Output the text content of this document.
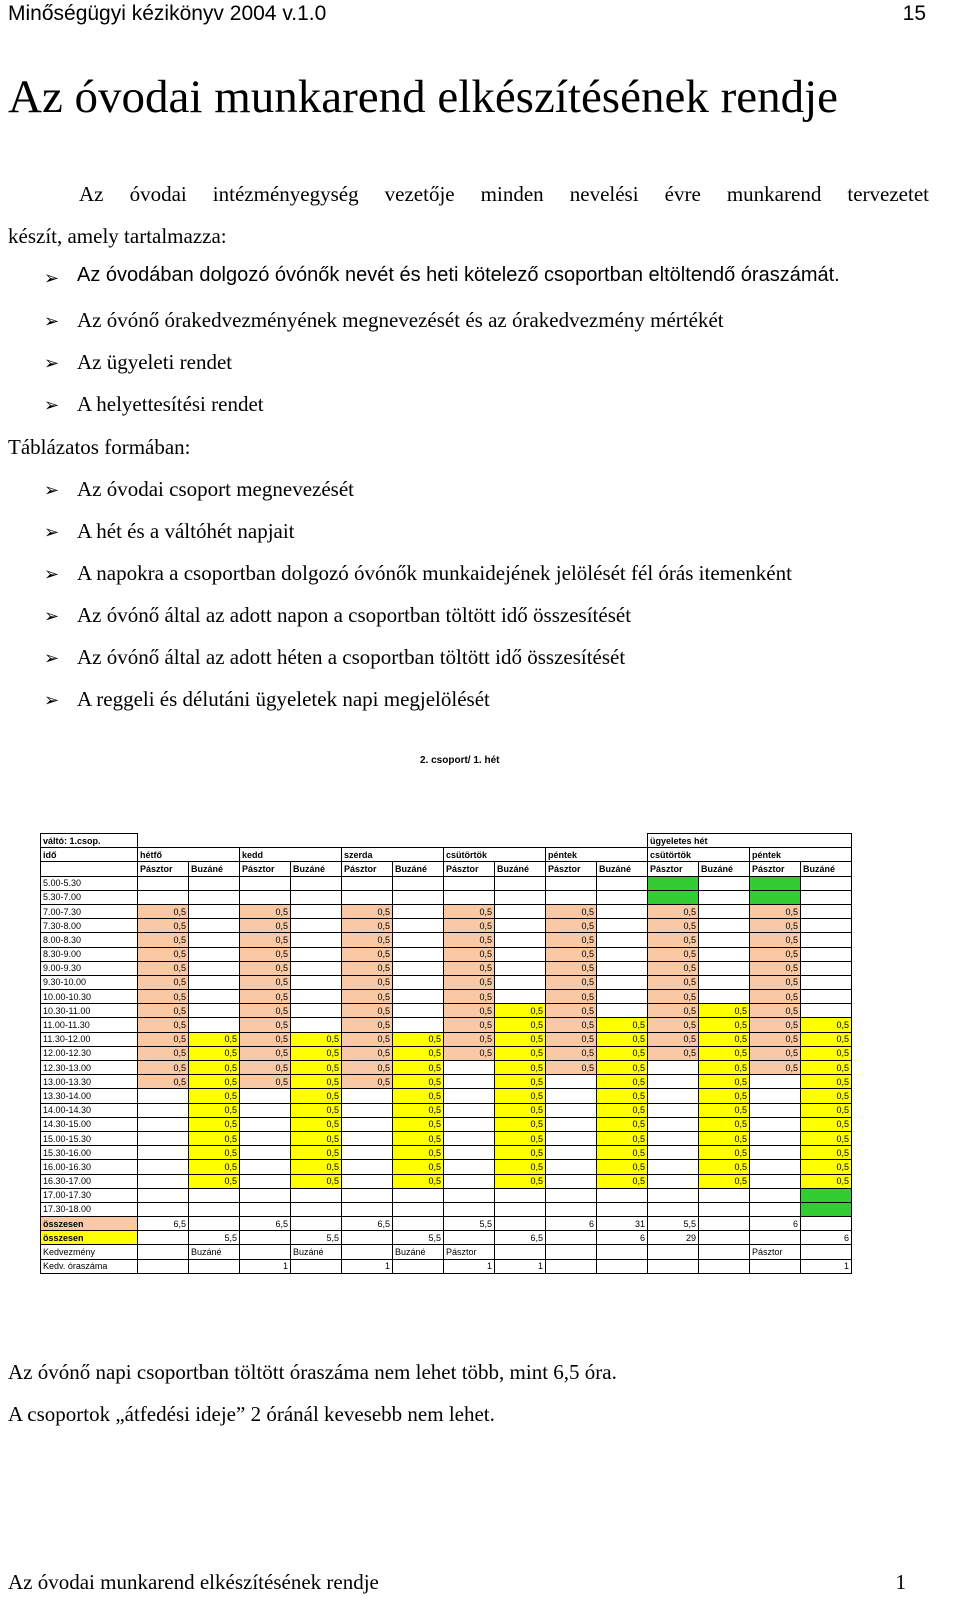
Minőségügyi kézikönyv 2004 v.1.0	15
Az óvodai munkarend elkészítésének rendje
Az óvodai intézményegység vezetője minden nevelési évre munkarend tervezetet
készít, amely tartalmazza:
➢ Az óvodában dolgozó óvónők nevét és heti kötelező csoportban eltöltendő óraszámát.
➢ Az óvónő órakedvezményének megnevezését és az órakedvezmény mértékét
➢ Az ügyeleti rendet
➢ A helyettesítési rendet
Táblázatos formában:
➢ Az óvodai csoport megnevezését
➢ A hét és a váltóhét napjait
➢ A napokra a csoportban dolgozó óvónők munkaidejének jelölését fél órás itemenként
➢ Az óvónő által az adott napon a csoportban töltött idő összesítését
➢ Az óvónő által az adott héten a csoportban töltött idő összesítését
➢ A reggeli és délutáni ügyeletek napi megjelölését
2. csoport/ 1. hét
váltó: 1.csop.											ügyeletes hét			
idő	hétfő		kedd		szerda		csütörtök		péntek		csütörtök		péntek	
	Pásztor	Buzáné	Pásztor	Buzáné	Pásztor	Buzáné	Pásztor	Buzáné	Pásztor	Buzáné	Pásztor	Buzáné	Pásztor	Buzáné
5.00-5.30														
5.30-7.00														
7.00-7.30	0,5		0,5		0,5		0,5		0,5		0,5		0,5	
7.30-8.00	0,5		0,5		0,5		0,5		0,5		0,5		0,5	
8.00-8.30	0,5		0,5		0,5		0,5		0,5		0,5		0,5	
8.30-9.00	0,5		0,5		0,5		0,5		0,5		0,5		0,5	
9.00-9.30	0,5		0,5		0,5		0,5		0,5		0,5		0,5	
9.30-10.00	0,5		0,5		0,5		0,5		0,5		0,5		0,5	
10.00-10.30	0,5		0,5		0,5		0,5		0,5		0,5		0,5	
10.30-11.00	0,5		0,5		0,5		0,5	0,5	0,5		0,5	0,5	0,5	
11.00-11.30	0,5		0,5		0,5		0,5	0,5	0,5	0,5	0,5	0,5	0,5	0,5
11.30-12.00	0,5	0,5	0,5	0,5	0,5	0,5	0,5	0,5	0,5	0,5	0,5	0,5	0,5	0,5
12.00-12.30	0,5	0,5	0,5	0,5	0,5	0,5	0,5	0,5	0,5	0,5	0,5	0,5	0,5	0,5
12.30-13.00	0,5	0,5	0,5	0,5	0,5	0,5		0,5	0,5	0,5		0,5	0,5	0,5
13.00-13.30	0,5	0,5	0,5	0,5	0,5	0,5		0,5		0,5		0,5		0,5
13.30-14.00		0,5		0,5		0,5		0,5		0,5		0,5		0,5
14.00-14.30		0,5		0,5		0,5		0,5		0,5		0,5		0,5
14.30-15.00		0,5		0,5		0,5		0,5		0,5		0,5		0,5
15.00-15.30		0,5		0,5		0,5		0,5		0,5		0,5		0,5
15.30-16.00		0,5		0,5		0,5		0,5		0,5		0,5		0,5
16.00-16.30		0,5		0,5		0,5		0,5		0,5		0,5		0,5
16.30-17.00		0,5		0,5		0,5		0,5		0,5		0,5		0,5
17.00-17.30														
17.30-18.00														
összesen	6,5		6,5		6,5		5,5		6	31	5,5		6	
összesen		5,5		5,5		5,5		6,5		6	29			6
Kedvezmény		Buzáné		Buzáné		Buzáné	Pásztor						Pásztor	
Kedv. óraszáma			1		1		1	1						1
Az óvónő napi csoportban töltött óraszáma nem lehet több, mint 6,5 óra.
A csoportok „átfedési ideje” 2 óránál kevesebb nem lehet.
Az óvodai munkarend elkészítésének rendje	1
